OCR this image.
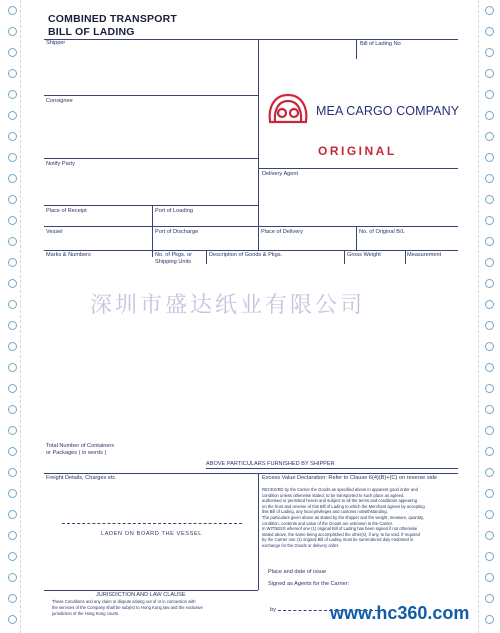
COMBINED TRANSPORT
BILL OF LADING
Shipper	Bill of Lading No
Consignee
Notify Party
Delivery Agent
Place of Receipt	Port of Loading
Vessel	Port of Discharge	Place of Delivery	No. of Original B/L
Marks & Numbers	No. of Pkgs. or
Shipping Units
Description of Goods & Pkgs.	Gross Weight	Measurement
MEA CARGO COMPANY
ORIGINAL
深圳市盛达纸业有限公司
Total Number of Containers
or Packages ( in words )
ABOVE PARTICULARS FURNISHED BY SHIPPER
Freight Details, Charges etc.	Excess Value Declaration: Refer to Clause 6(4)(B)+(C) on reverse side
RECEIVED by the Carrier the Goods as specified above in apparent good order and
condition unless otherwise stated, to be transported to such place as agreed,
authorised or permitted herein and subject to all the terms and conditions appearing
on the front and reverse of this Bill of Lading to which the Merchant agrees by accepting
this Bill of Lading, any local privileges and customs notwithstanding.
The particulars given above as stated by the shipper and the weight, measure, quantity,
condition, contents and value of the Goods are unknown to the Carrier.
In WITNESS whereof one (1) original Bill of Lading has been signed if not otherwise
stated above, the same being accomplished the other(s), if any, to be void. If required
by the Carrier one (1) original Bill of Lading must be surrendered duly endorsed in
exchange for the Goods or delivery order.
LADEN ON BOARD THE VESSEL
Place and date of issue
Signed as Agents for the Carrier:
by
JURISDICTION AND LAW CLAUSE
These Conditions and any claim or dispute arising out of or in connection with
the services of the Company shall be subject to Hong Kong law and the exclusive
jurisdiction of the Hong Kong courts.	www.hc360.com
